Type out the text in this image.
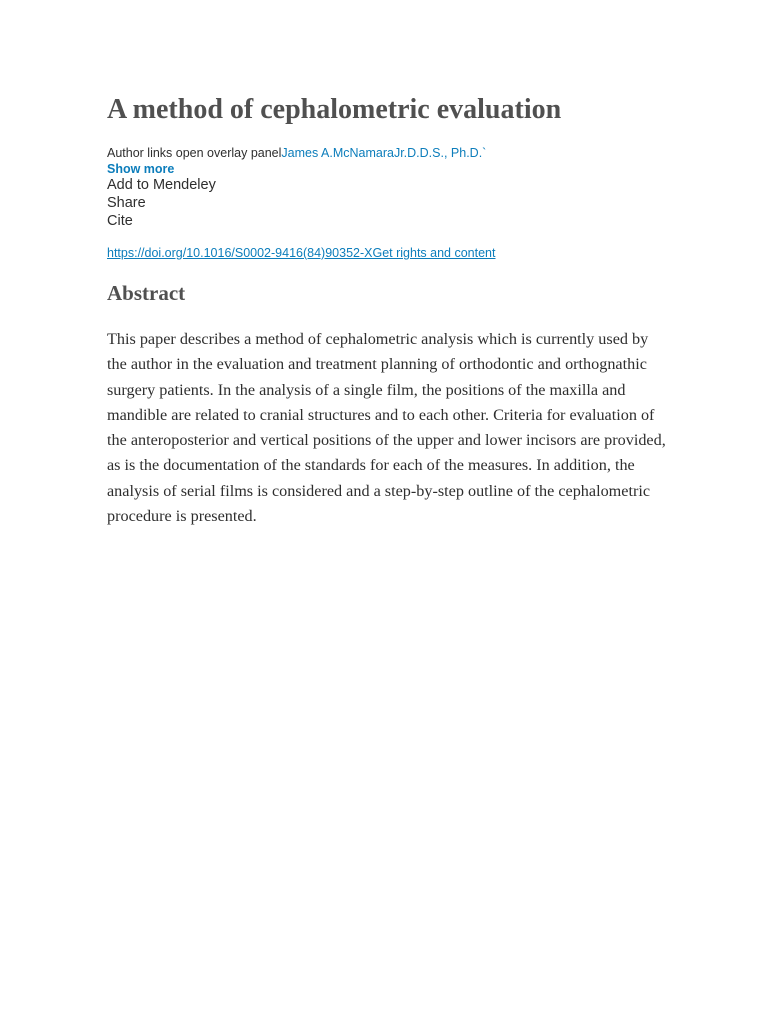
A method of cephalometric evaluation
Author links open overlay panelJames A.McNamaraJr.D.D.S., Ph.D.`
Show more
Add to Mendeley
Share
Cite
https://doi.org/10.1016/S0002-9416(84)90352-XGet rights and content
Abstract

This paper describes a method of cephalometric analysis which is currently used by the author in the evaluation and treatment planning of orthodontic and orthognathic surgery patients. In the analysis of a single film, the positions of the maxilla and mandible are related to cranial structures and to each other. Criteria for evaluation of the anteroposterior and vertical positions of the upper and lower incisors are provided, as is the documentation of the standards for each of the measures. In addition, the analysis of serial films is considered and a step-by-step outline of the cephalometric procedure is presented.
